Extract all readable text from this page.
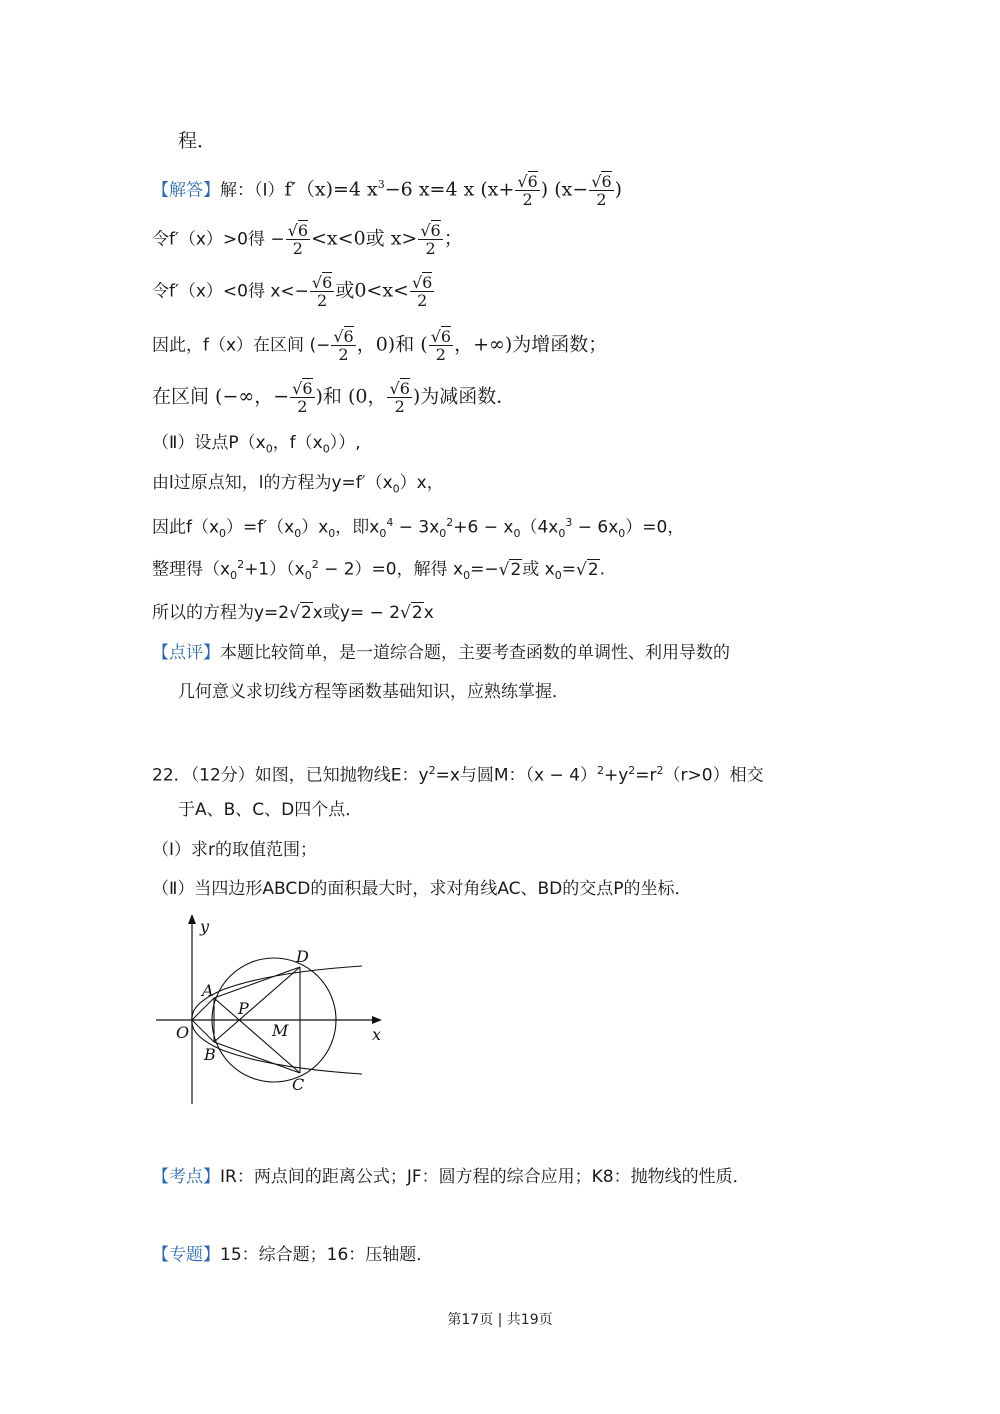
程．
【解答】解：（Ⅰ）f′（x)=4 $x^3-6$ x=4 x ($x+ \frac{√6}{2}$ ) ($x- \frac{√6}{2}$ )
令f′（x）>0得 − $\frac{√6}{2} <x<0$或 $x> \frac{√6}{2}$ ；
令f′（x）<0得 $x<- \frac{√6}{2}$ 或$0<x< \frac{√6}{2}$
因此，f（x）在区间 (− $\frac{√6}{2}$ ，0)和 ( $\frac{√6}{2}$ ，+∞)为增函数；
在区间 (−∞，− $\frac{√6}{2}$ )和 (0， $\frac{√6}{2}$ )为减函数．
（Ⅱ）设点$P(x_0$，$f(x_0)$）,
由l过原点知，l的方程为$y=f'(x_0)x$，
因此$f(x_0)=f'(x_0)x_0$，即$x_0^4 - 3x_0^2+6 - x_0(4x_0^3 - 6x_0)=0$，
整理得$(x_0^2+1)(x_0^2 - 2)=0$，解得 $x_0=-√2$或 $x_0=√2$.
所以的方程为y=2√2x或y= − 2√2x
【点评】本题比较简单，是一道综合题，主要考查函数的单调性、利用导数的
几何意义求切线方程等函数基础知识，应熟练掌握．
22．（12分）如图，已知抛物线E：$y^2=x$与圆M：$(x - 4)^2+y^2=r^2(r>0)$相交
于A、B、C、D四个点．
（Ⅰ）求r的取值范围；
（Ⅱ）当四边形ABCD的面积最大时，求对角线AC、BD的交点P的坐标．
y
x
O
A
B
C
D
P
M
【考点】IR：两点间的距离公式；JF：圆方程的综合应用；K8：抛物线的性质．
【专题】15：综合题；16：压轴题．
第17页 | 共19页
